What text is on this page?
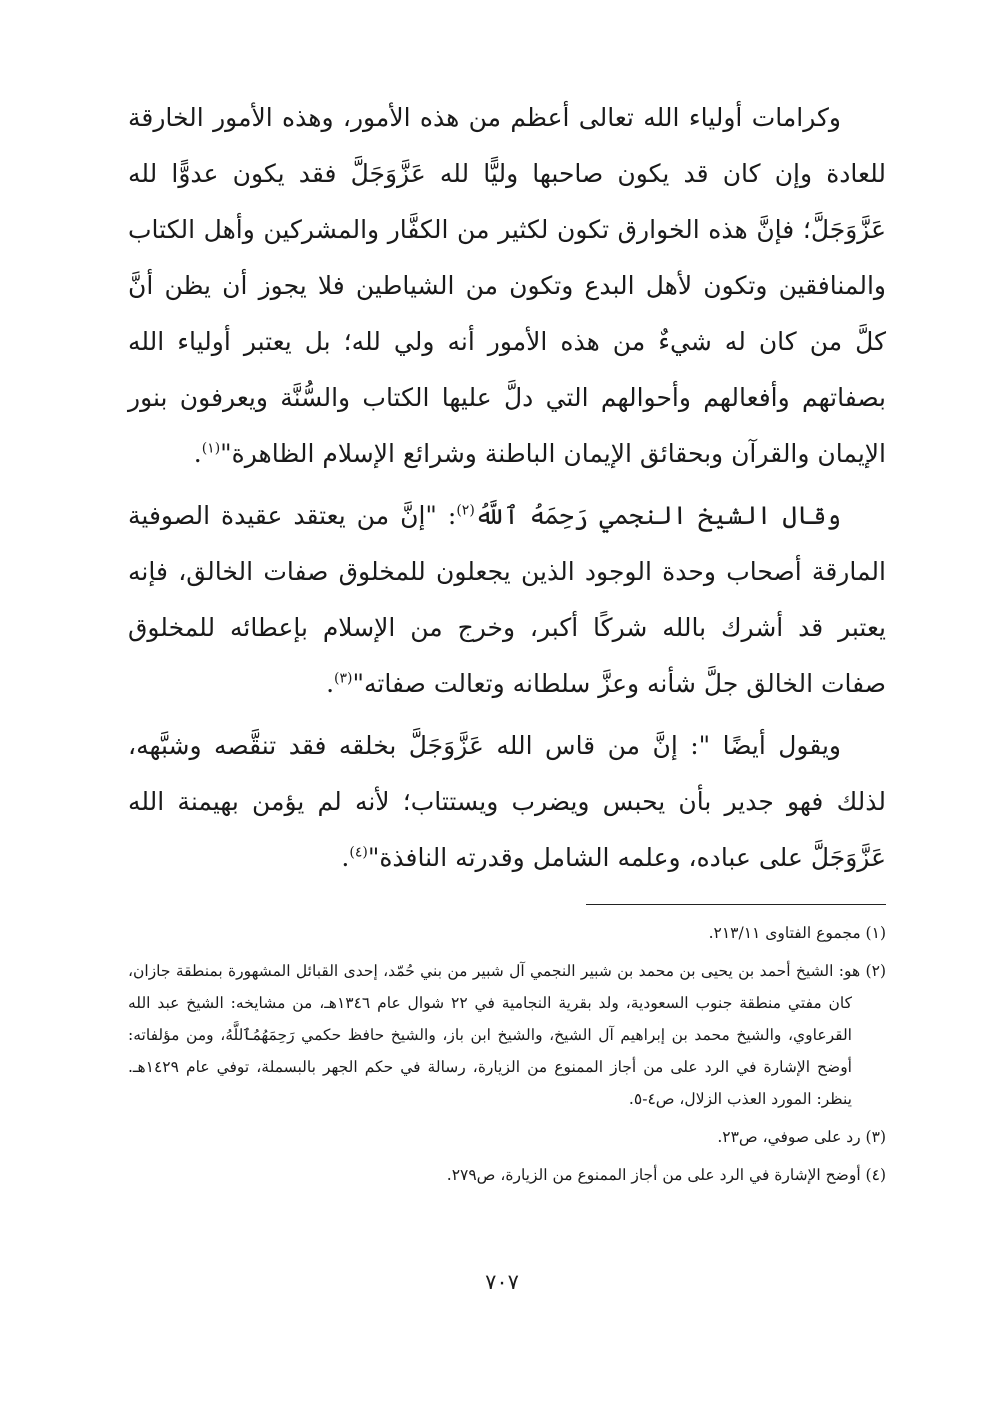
وكرامات أولياء الله تعالى أعظم من هذه الأمور، وهذه الأمور الخارقة للعادة وإن كان قد يكون صاحبها وليًّا لله عَزَّوَجَلَّ فقد يكون عدوًّا لله عَزَّوَجَلَّ؛ فإنَّ هذه الخوارق تكون لكثير من الكفَّار والمشركين وأهل الكتاب والمنافقين وتكون لأهل البدع وتكون من الشياطين فلا يجوز أن يظن أنَّ كلَّ من كان له شيءٌ من هذه الأمور أنه ولي لله؛ بل يعتبر أولياء الله بصفاتهم وأفعالهم وأحوالهم التي دلَّ عليها الكتاب والسُّنَّة ويعرفون بنور الإيمان والقرآن وبحقائق الإيمان الباطنة وشرائع الإسلام الظاهرة"$^{(١)}$.

وقال الشيخ النجمي رَحِمَهُ ٱللَّهُ$^{(٢)}$: "إنَّ من يعتقد عقيدة الصوفية المارقة أصحاب وحدة الوجود الذين يجعلون للمخلوق صفات الخالق، فإنه يعتبر قد أشرك بالله شركًا أكبر، وخرج من الإسلام بإعطائه للمخلوق صفات الخالق جلَّ شأنه وعزَّ سلطانه وتعالت صفاته"$^{(٣)}$.

ويقول أيضًا ": إنَّ من قاس الله عَزَّوَجَلَّ بخلقه فقد تنقَّصه وشبَّهه، لذلك فهو جدير بأن يحبس ويضرب ويستتاب؛ لأنه لم يؤمن بهيمنة الله عَزَّوَجَلَّ على عباده، وعلمه الشامل وقدرته النافذة"$^{(٤)}$.

(١) مجموع الفتاوى ٢١٣/١١.

(٢) هو: الشيخ أحمد بن يحيى بن محمد بن شبير النجمي آل شبير من بني حُمّد، إحدى القبائل المشهورة بمنطقة جازان، كان مفتي منطقة جنوب السعودية، ولد بقرية النجامية في ٢٢ شوال عام ١٣٤٦هـ، من مشايخه: الشيخ عبد الله القرعاوي، والشيخ محمد بن إبراهيم آل الشيخ، والشيخ ابن باز، والشيخ حافظ حكمي رَحِمَهُمُٱللَّهُ، ومن مؤلفاته: أوضح الإشارة في الرد على من أجاز الممنوع من الزيارة، رسالة في حكم الجهر بالبسملة، توفي عام ١٤٢٩هـ. ينظر: المورد العذب الزلال، ص٤-٥.

(٣) رد على صوفي، ص٢٣.

(٤) أوضح الإشارة في الرد على من أجاز الممنوع من الزيارة، ص٢٧٩.

٧٠٧
